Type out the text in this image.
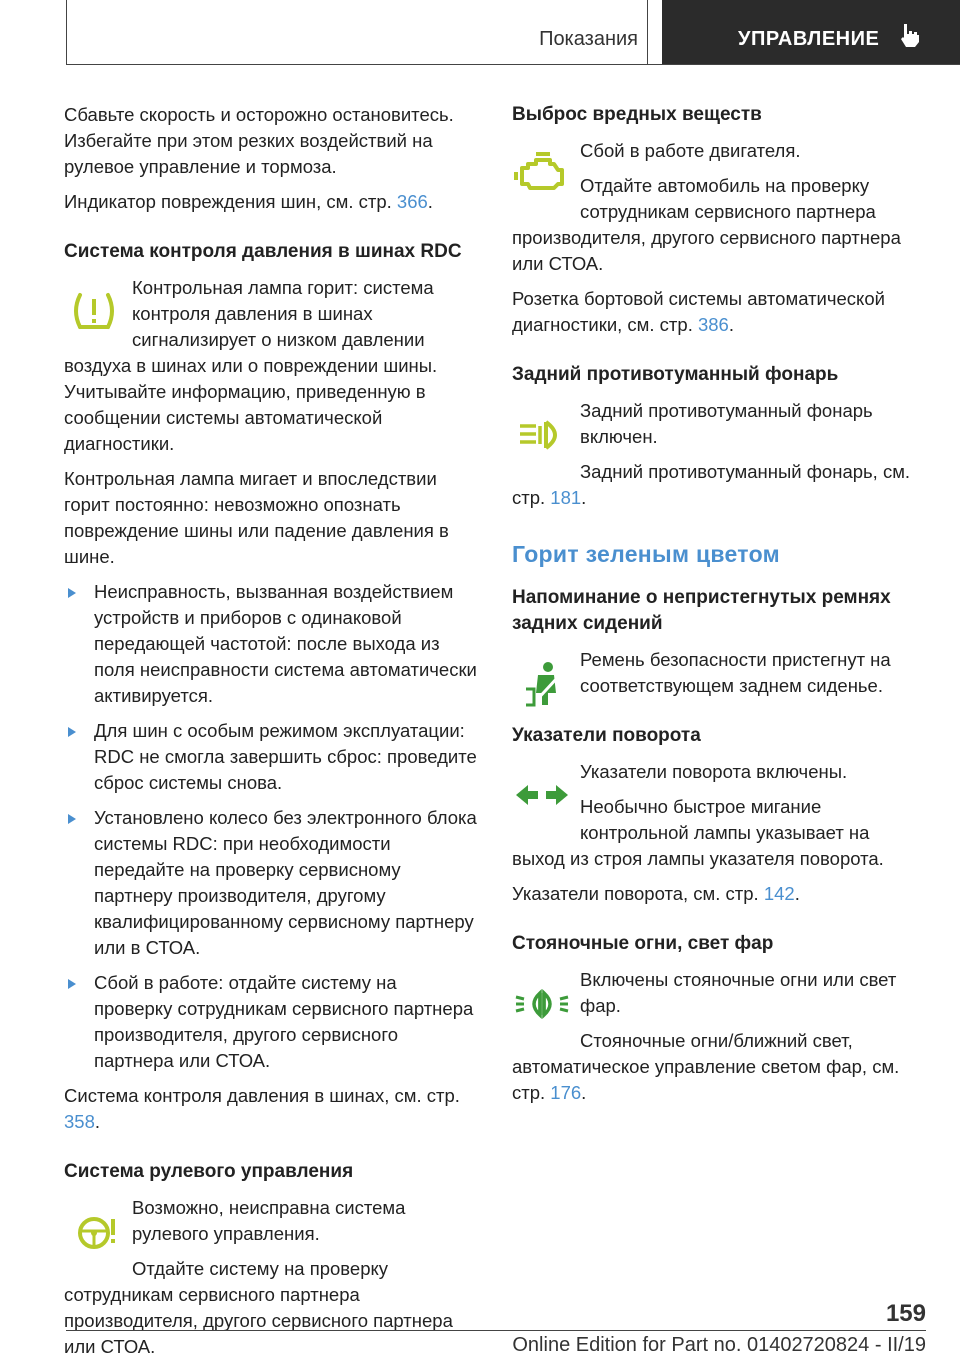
Показания	УПРАВЛЕНИЕ

Сбавьте скорость и осторожно остановитесь. Избегайте при этом резких воздействий на рулевое управление и тормоза.

Индикатор повреждения шин, см. стр. 366.

Система контроля давления в шинах RDC

Контрольная лампа горит: система контроля давления в шинах сигнализирует о низком давлении воздуха в шинах или о повреждении шины. Учитывайте информацию, приведенную в сообщении системы автоматической диагностики.

Контрольная лампа мигает и впоследствии горит постоянно: невозможно опознать повреждение шины или падение давления в шине.

Неисправность, вызванная воздействием устройств и приборов с одинаковой передающей частотой: после выхода из поля неисправности система автоматически активируется.
Для шин с особым режимом эксплуатации: RDC не смогла завершить сброс: проведите сброс системы снова.
Установлено колесо без электронного блока системы RDC: при необходимости передайте на проверку сервисному партнеру производителя, другому квалифицированному сервисному партнеру или в СТОА.
Сбой в работе: отдайте систему на проверку сотрудникам сервисного партнера производителя, другого сервисного партнера или СТОА.

Система контроля давления в шинах, см. стр. 358.

Система рулевого управления

Возможно, неисправна система рулевого управления.

Отдайте систему на проверку сотрудникам сервисного партнера производителя, другого сервисного партнера или СТОА.

Выброс вредных веществ

Сбой в работе двигателя.

Отдайте автомобиль на проверку сотрудникам сервисного партнера производителя, другого сервисного партнера или СТОА.

Розетка бортовой системы автоматической диагностики, см. стр. 386.

Задний противотуманный фонарь

Задний противотуманный фонарь включен.

Задний противотуманный фонарь, см. стр. 181.

Горит зеленым цветом
Напоминание о непристегнутых ремнях задних сидений

Ремень безопасности пристегнут на соответствующем заднем сиденье.

Указатели поворота

Указатели поворота включены.

Необычно быстрое мигание контрольной лампы указывает на выход из строя лампы указателя поворота.

Указатели поворота, см. стр. 142.

Стояночные огни, свет фар

Включены стояночные огни или свет фар.

Стояночные огни/ближний свет, автоматическое управление светом фар, см. стр. 176.

159
Online Edition for Part no. 01402720824 - II/19
